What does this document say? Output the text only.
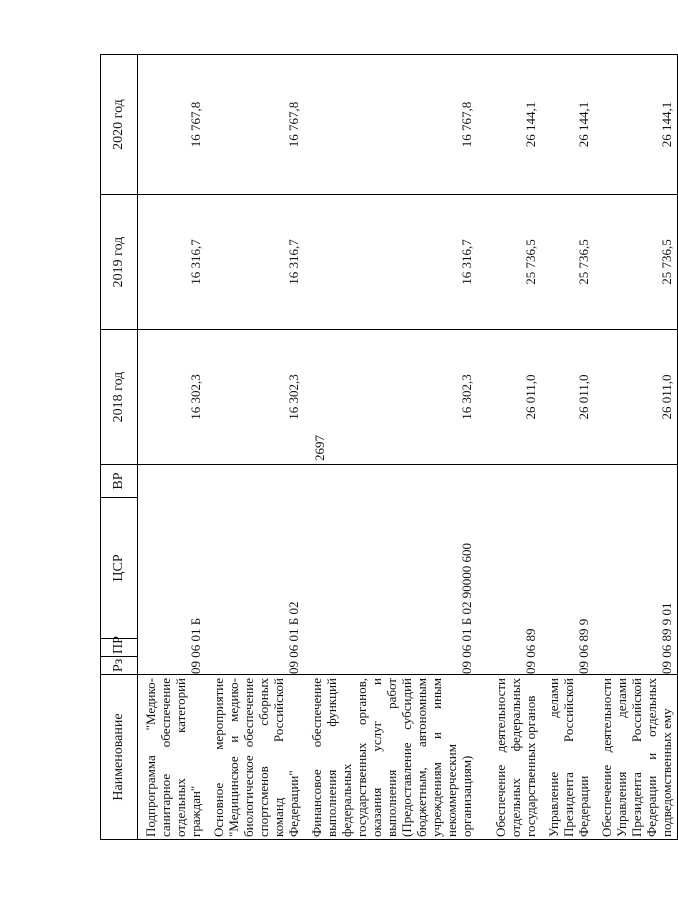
2697
Наименование	Рз	ПР	ЦСР	ВР	2018 год	2019 год	2020 год
Подпрограмма "Медико-санитарное обеспечение отдельных категорий граждан"	09 06 01 Б				16 302,3	16 316,7	16 767,8
Основное мероприятие "Медицинское и медико-биологическое обеспечение спортсменов сборных команд Российской Федерации"	09 06 01 Б 02				16 302,3	16 316,7	16 767,8
Финансовое обеспечение выполнения функций федеральных государственных органов, оказания услуг и выполнения работ (Предоставление субсидий бюджетным, автономным учреждениям и иным некоммерческим организациям)	09 06 01 Б 02 90000 600				16 302,3	16 316,7	16 767,8
Обеспечение деятельности отдельных федеральных государственных органов	09 06 89				26 011,0	25 736,5	26 144,1
Управление делами Президента Российской Федерации	09 06 89 9				26 011,0	25 736,5	26 144,1
Обеспечение деятельности Управления делами Президента Российской Федерации и отдельных подведомственных ему	09 06 89 9 01				26 011,0	25 736,5	26 144,1
